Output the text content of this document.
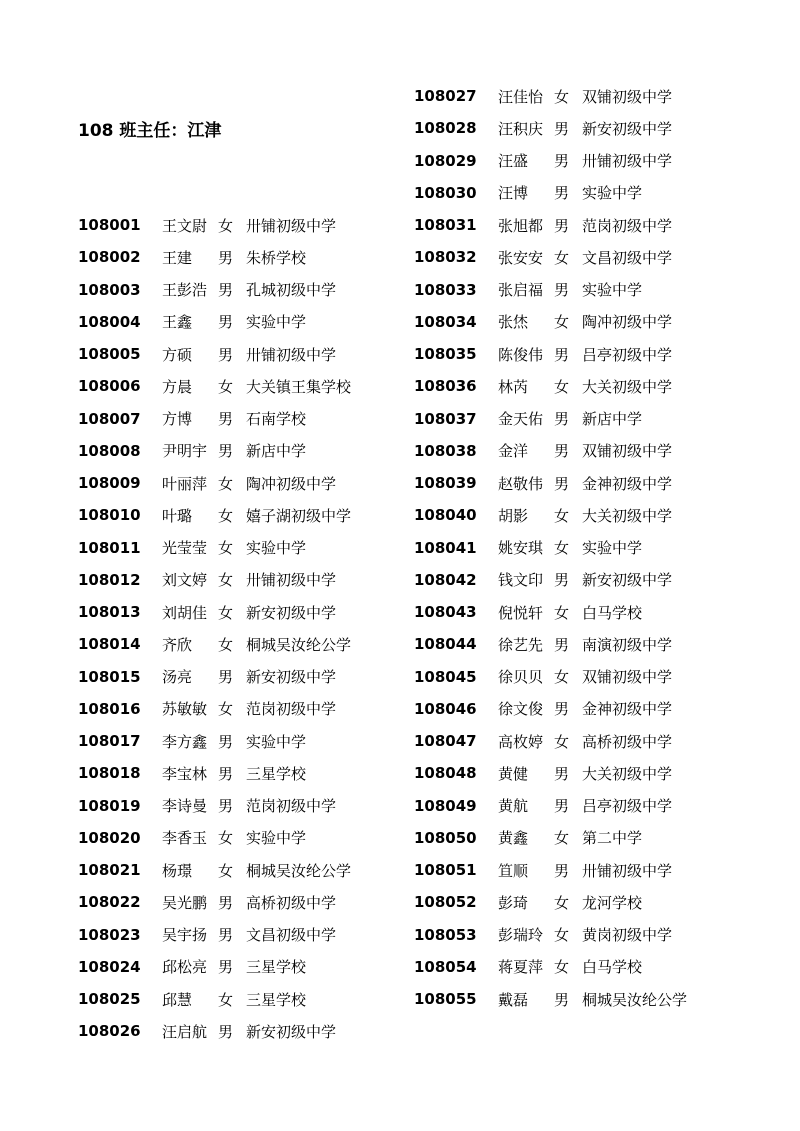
108 班主任：江津
108001	王文尉 女 卅铺初级中学
108002	王建	男 朱桥学校
108003	王彭浩 男 孔城初级中学
108004	王鑫	男 实验中学
108005	方硕	男 卅铺初级中学
108006	方晨	女 大关镇王集学校
108007	方博	男 石南学校
108008	尹明宇 男 新店中学
108009	叶丽萍 女 陶冲初级中学
108010	叶璐	女 嬉子湖初级中学
108011	光莹莹 女 实验中学
108012	刘文婷 女 卅铺初级中学
108013	刘胡佳 女 新安初级中学
108014	齐欣	女 桐城吴汝纶公学
108015	汤亮	男 新安初级中学
108016	苏敏敏 女 范岗初级中学
108017	李方鑫 男 实验中学
108018	李宝林 男 三星学校
108019	李诗曼 男 范岗初级中学
108020	李香玉 女 实验中学
108021	杨璟	女 桐城吴汝纶公学
108022	吴光鹏 男 高桥初级中学
108023	吴宇扬 男 文昌初级中学
108024	邱松亮 男 三星学校
108025	邱慧	女 三星学校
108026	汪启航 男 新安初级中学
108027	汪佳怡 女 双铺初级中学
108028	汪积庆 男 新安初级中学
108029	汪盛	男 卅铺初级中学
108030	汪博	男 实验中学
108031	张旭都 男 范岗初级中学
108032	张安安 女 文昌初级中学
108033	张启福 男 实验中学
108034	张烋	女 陶冲初级中学
108035	陈俊伟 男 吕亭初级中学
108036	林芮	女 大关初级中学
108037	金天佑 男 新店中学
108038	金洋	男 双铺初级中学
108039	赵敬伟 男 金神初级中学
108040	胡影	女 大关初级中学
108041	姚安琪 女 实验中学
108042	钱文印 男 新安初级中学
108043	倪悦轩 女 白马学校
108044	徐艺先 男 南演初级中学
108045	徐贝贝 女 双铺初级中学
108046	徐文俊 男 金神初级中学
108047	高枚婷 女 高桥初级中学
108048	黄健	男 大关初级中学
108049	黄航	男 吕亭初级中学
108050	黄鑫	女 第二中学
108051	笪顺	男 卅铺初级中学
108052	彭琦	女 龙河学校
108053	彭瑞玲 女 黄岗初级中学
108054	蒋夏萍 女 白马学校
108055	戴磊	男 桐城吴汝纶公学
